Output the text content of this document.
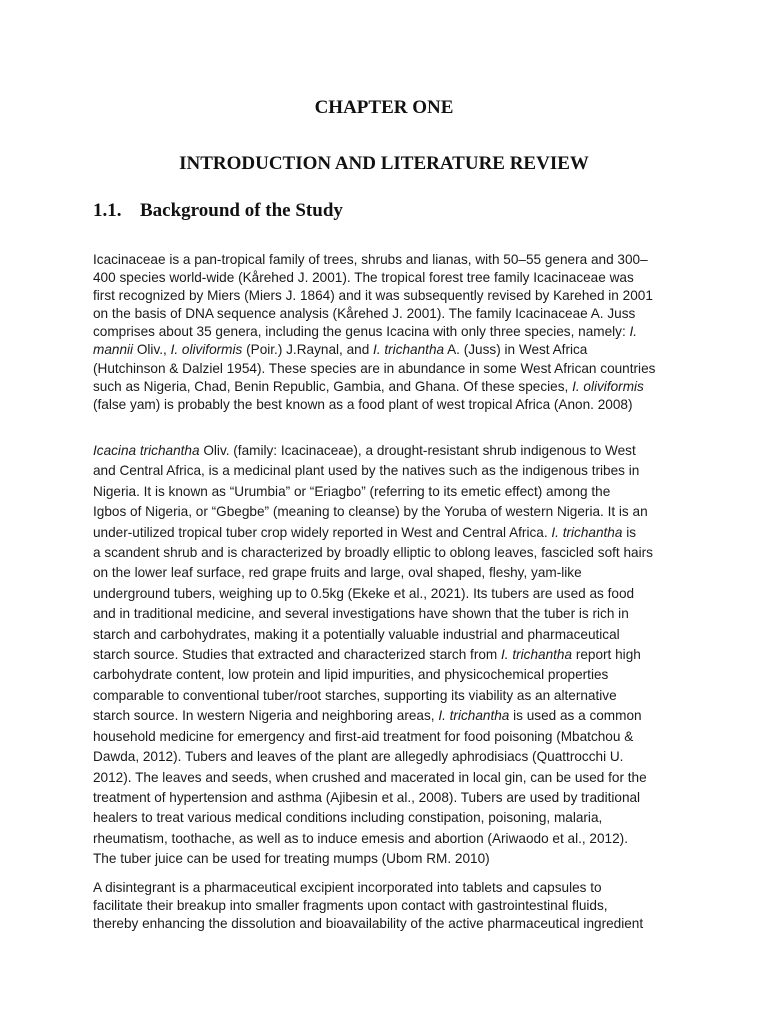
CHAPTER ONE
INTRODUCTION AND LITERATURE REVIEW
1.1. Background of the Study

Icacinaceae is a pan-tropical family of trees, shrubs and lianas, with 50–55 genera and 300–
400 species world-wide (Kårehed J. 2001). The tropical forest tree family Icacinaceae was
first recognized by Miers (Miers J. 1864) and it was subsequently revised by Karehed in 2001
on the basis of DNA sequence analysis (Kårehed J. 2001). The family Icacinaceae A. Juss
comprises about 35 genera, including the genus Icacina with only three species, namely: I.
mannii Oliv., I. oliviformis (Poir.) J.Raynal, and I. trichantha A. (Juss) in West Africa
(Hutchinson & Dalziel 1954). These species are in abundance in some West African countries
such as Nigeria, Chad, Benin Republic, Gambia, and Ghana. Of these species, I. oliviformis
(false yam) is probably the best known as a food plant of west tropical Africa (Anon. 2008)

Icacina trichantha Oliv. (family: Icacinaceae), a drought-resistant shrub indigenous to West
and Central Africa, is a medicinal plant used by the natives such as the indigenous tribes in
Nigeria. It is known as “Urumbia” or “Eriagbo” (referring to its emetic effect) among the
Igbos of Nigeria, or “Gbegbe” (meaning to cleanse) by the Yoruba of western Nigeria. It is an
under-utilized tropical tuber crop widely reported in West and Central Africa. I. trichantha is
a scandent shrub and is characterized by broadly elliptic to oblong leaves, fascicled soft hairs
on the lower leaf surface, red grape fruits and large, oval shaped, fleshy, yam-like
underground tubers, weighing up to 0.5kg (Ekeke et al., 2021). Its tubers are used as food
and in traditional medicine, and several investigations have shown that the tuber is rich in
starch and carbohydrates, making it a potentially valuable industrial and pharmaceutical
starch source. Studies that extracted and characterized starch from I. trichantha report high
carbohydrate content, low protein and lipid impurities, and physicochemical properties
comparable to conventional tuber/root starches, supporting its viability as an alternative
starch source. In western Nigeria and neighboring areas, I. trichantha is used as a common
household medicine for emergency and first-aid treatment for food poisoning (Mbatchou &
Dawda, 2012). Tubers and leaves of the plant are allegedly aphrodisiacs (Quattrocchi U.
2012). The leaves and seeds, when crushed and macerated in local gin, can be used for the
treatment of hypertension and asthma (Ajibesin et al., 2008). Tubers are used by traditional
healers to treat various medical conditions including constipation, poisoning, malaria,
rheumatism, toothache, as well as to induce emesis and abortion (Ariwaodo et al., 2012).
The tuber juice can be used for treating mumps (Ubom RM. 2010)

A disintegrant is a pharmaceutical excipient incorporated into tablets and capsules to
facilitate their breakup into smaller fragments upon contact with gastrointestinal fluids,
thereby enhancing the dissolution and bioavailability of the active pharmaceutical ingredient
